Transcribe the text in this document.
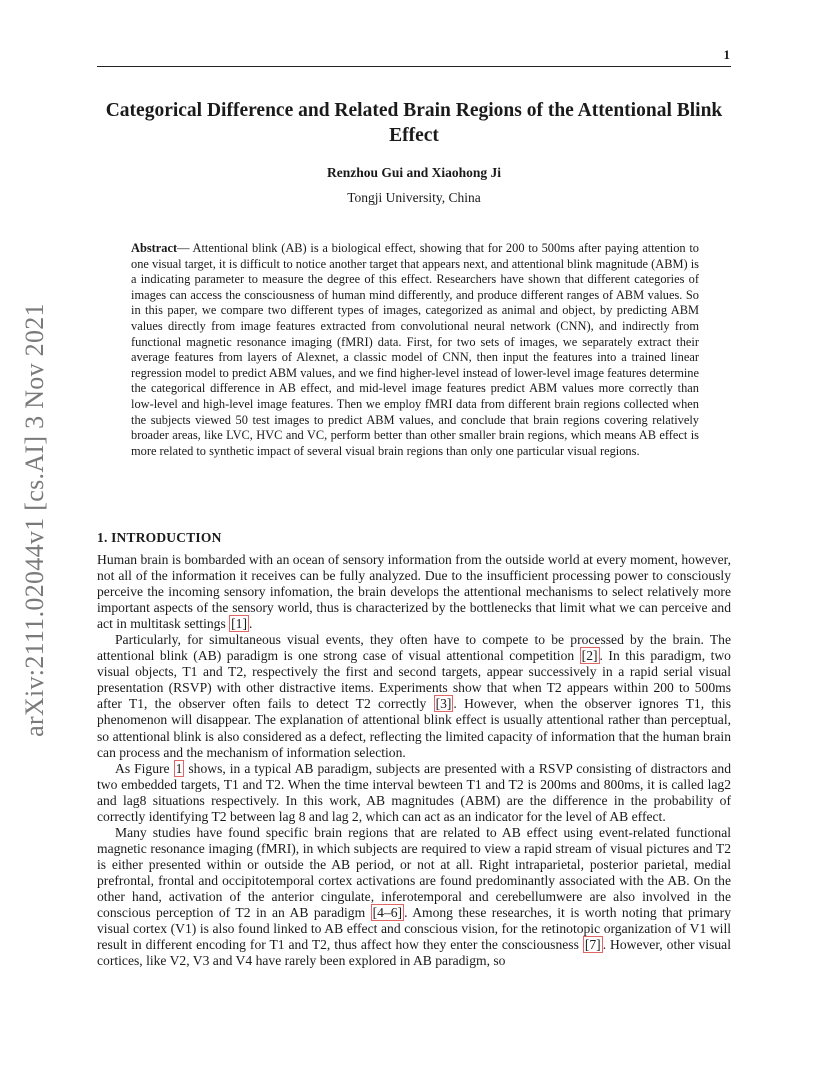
1
arXiv:2111.02044v1 [cs.AI] 3 Nov 2021
Categorical Difference and Related Brain Regions of the Attentional Blink Effect
Renzhou Gui and Xiaohong Ji
Tongji University, China
Abstract— Attentional blink (AB) is a biological effect, showing that for 200 to 500ms after paying attention to one visual target, it is difficult to notice another target that appears next, and attentional blink magnitude (ABM) is a indicating parameter to measure the degree of this effect. Researchers have shown that different categories of images can access the consciousness of human mind differently, and produce different ranges of ABM values. So in this paper, we compare two different types of images, categorized as animal and object, by predicting ABM values directly from image features extracted from convolutional neural network (CNN), and indirectly from functional magnetic resonance imaging (fMRI) data. First, for two sets of images, we separately extract their average features from layers of Alexnet, a classic model of CNN, then input the features into a trained linear regression model to predict ABM values, and we find higher-level instead of lower-level image features determine the categorical difference in AB effect, and mid-level image features predict ABM values more correctly than low-level and high-level image features. Then we employ fMRI data from different brain regions collected when the subjects viewed 50 test images to predict ABM values, and conclude that brain regions covering relatively broader areas, like LVC, HVC and VC, perform better than other smaller brain regions, which means AB effect is more related to synthetic impact of several visual brain regions than only one particular visual regions.
1. INTRODUCTION

Human brain is bombarded with an ocean of sensory information from the outside world at every moment, however, not all of the information it receives can be fully analyzed. Due to the insufficient processing power to consciously perceive the incoming sensory infomation, the brain develops the attentional mechanisms to select relatively more important aspects of the sensory world, thus is characterized by the bottlenecks that limit what we can perceive and act in multitask settings [1] .

Particularly, for simultaneous visual events, they often have to compete to be processed by the brain. The attentional blink (AB) paradigm is one strong case of visual attentional competition [2] . In this paradigm, two visual objects, T1 and T2, respectively the first and second targets, appear successively in a rapid serial visual presentation (RSVP) with other distractive items. Experiments show that when T2 appears within 200 to 500ms after T1, the observer often fails to detect T2 correctly [3] . However, when the observer ignores T1, this phenomenon will disappear. The explanation of attentional blink effect is usually attentional rather than perceptual, so attentional blink is also considered as a defect, reflecting the limited capacity of information that the human brain can process and the mechanism of information selection.

As Figure 1 shows, in a typical AB paradigm, subjects are presented with a RSVP consisting of distractors and two embedded targets, T1 and T2. When the time interval bewteen T1 and T2 is 200ms and 800ms, it is called lag2 and lag8 situations respectively. In this work, AB magnitudes (ABM) are the difference in the probability of correctly identifying T2 between lag 8 and lag 2, which can act as an indicator for the level of AB effect.

Many studies have found specific brain regions that are related to AB effect using event-related functional magnetic resonance imaging (fMRI), in which subjects are required to view a rapid stream of visual pictures and T2 is either presented within or outside the AB period, or not at all. Right intraparietal, posterior parietal, medial prefrontal, frontal and occipitotemporal cortex activations are found predominantly associated with the AB. On the other hand, activation of the anterior cingulate, inferotemporal and cerebellumwere are also involved in the conscious perception of T2 in an AB paradigm [4–6] . Among these researches, it is worth noting that primary visual cortex (V1) is also found linked to AB effect and conscious vision, for the retinotopic organization of V1 will result in different encoding for T1 and T2, thus affect how they enter the consciousness [7] . However, other visual cortices, like V2, V3 and V4 have rarely been explored in AB paradigm, so
